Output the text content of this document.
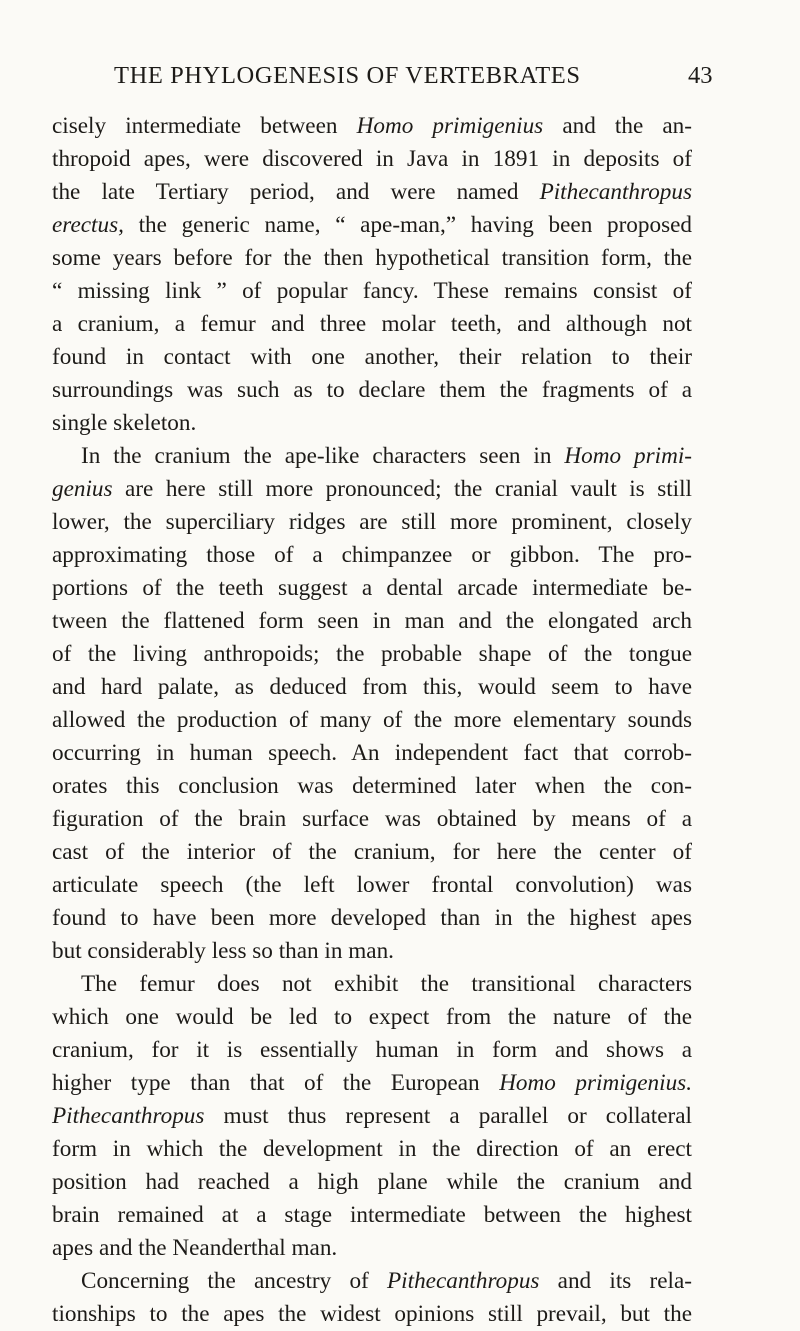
THE PHYLOGENESIS OF VERTEBRATES	43
cisely intermediate between Homo primigenius and the an-
thropoid apes, were discovered in Java in 1891 in deposits of
the late Tertiary period, and were named Pithecanthropus
erectus, the generic name, “ ape-man,” having been proposed
some years before for the then hypothetical transition form, the
“ missing link ” of popular fancy. These remains consist of
a cranium, a femur and three molar teeth, and although not
found in contact with one another, their relation to their
surroundings was such as to declare them the fragments of a
single skeleton.
In the cranium the ape-like characters seen in Homo primi-
genius are here still more pronounced; the cranial vault is still
lower, the superciliary ridges are still more prominent, closely
approximating those of a chimpanzee or gibbon. The pro-
portions of the teeth suggest a dental arcade intermediate be-
tween the flattened form seen in man and the elongated arch
of the living anthropoids; the probable shape of the tongue
and hard palate, as deduced from this, would seem to have
allowed the production of many of the more elementary sounds
occurring in human speech. An independent fact that corrob-
orates this conclusion was determined later when the con-
figuration of the brain surface was obtained by means of a
cast of the interior of the cranium, for here the center of
articulate speech (the left lower frontal convolution) was
found to have been more developed than in the highest apes
but considerably less so than in man.
The femur does not exhibit the transitional characters
which one would be led to expect from the nature of the
cranium, for it is essentially human in form and shows a
higher type than that of the European Homo primigenius.
Pithecanthropus must thus represent a parallel or collateral
form in which the development in the direction of an erect
position had reached a high plane while the cranium and
brain remained at a stage intermediate between the highest
apes and the Neanderthal man.
Concerning the ancestry of Pithecanthropus and its rela-
tionships to the apes the widest opinions still prevail, but the
